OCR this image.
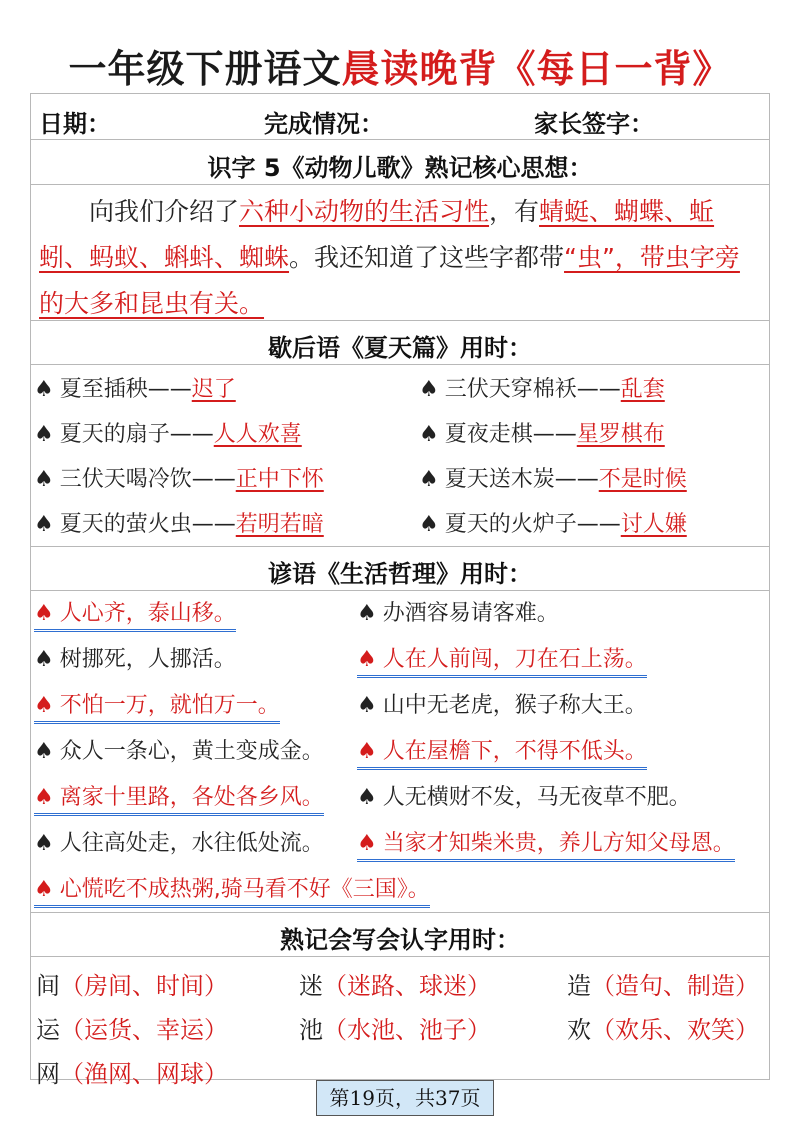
一年级下册语文晨读晚背《每日一背》
日期：	完成情况：	家长签字：
识字 5《动物儿歌》熟记核心思想：
向我们介绍了六种小动物的生活习性，有蜻蜓、蝴蝶、蚯蚓、蚂蚁、蝌蚪、蜘蛛。我还知道了这些字都带“虫”，带虫字旁的大多和昆虫有关。
歇后语《夏天篇》用时：
♠ 夏至插秧——迟了	♠ 三伏天穿棉袄——乱套
♠ 夏天的扇子——人人欢喜	♠ 夏夜走棋——星罗棋布
♠ 三伏天喝冷饮——正中下怀	♠ 夏天送木炭——不是时候
♠ 夏天的萤火虫——若明若暗	♠ 夏天的火炉子——讨人嫌
谚语《生活哲理》用时：
♠ 人心齐，泰山移。	♠ 办酒容易请客难。
♠ 树挪死，人挪活。	♠ 人在人前闯，刀在石上荡。
♠ 不怕一万，就怕万一。	♠ 山中无老虎，猴子称大王。
♠ 众人一条心，黄土变成金。 ♠ 人在屋檐下，不得不低头。
♠ 离家十里路，各处各乡风。 ♠ 人无横财不发，马无夜草不肥。
♠ 人往高处走，水往低处流。 ♠ 当家才知柴米贵，养儿方知父母恩。
♠ 心慌吃不成热粥,骑马看不好《三国》。
熟记会写会认字用时：
间（房间、时间）	迷（迷路、球迷）	造（造句、制造）
运（运货、幸运）	池（水池、池子）	欢（欢乐、欢笑）
网（渔网、网球）
第19页，共37页
